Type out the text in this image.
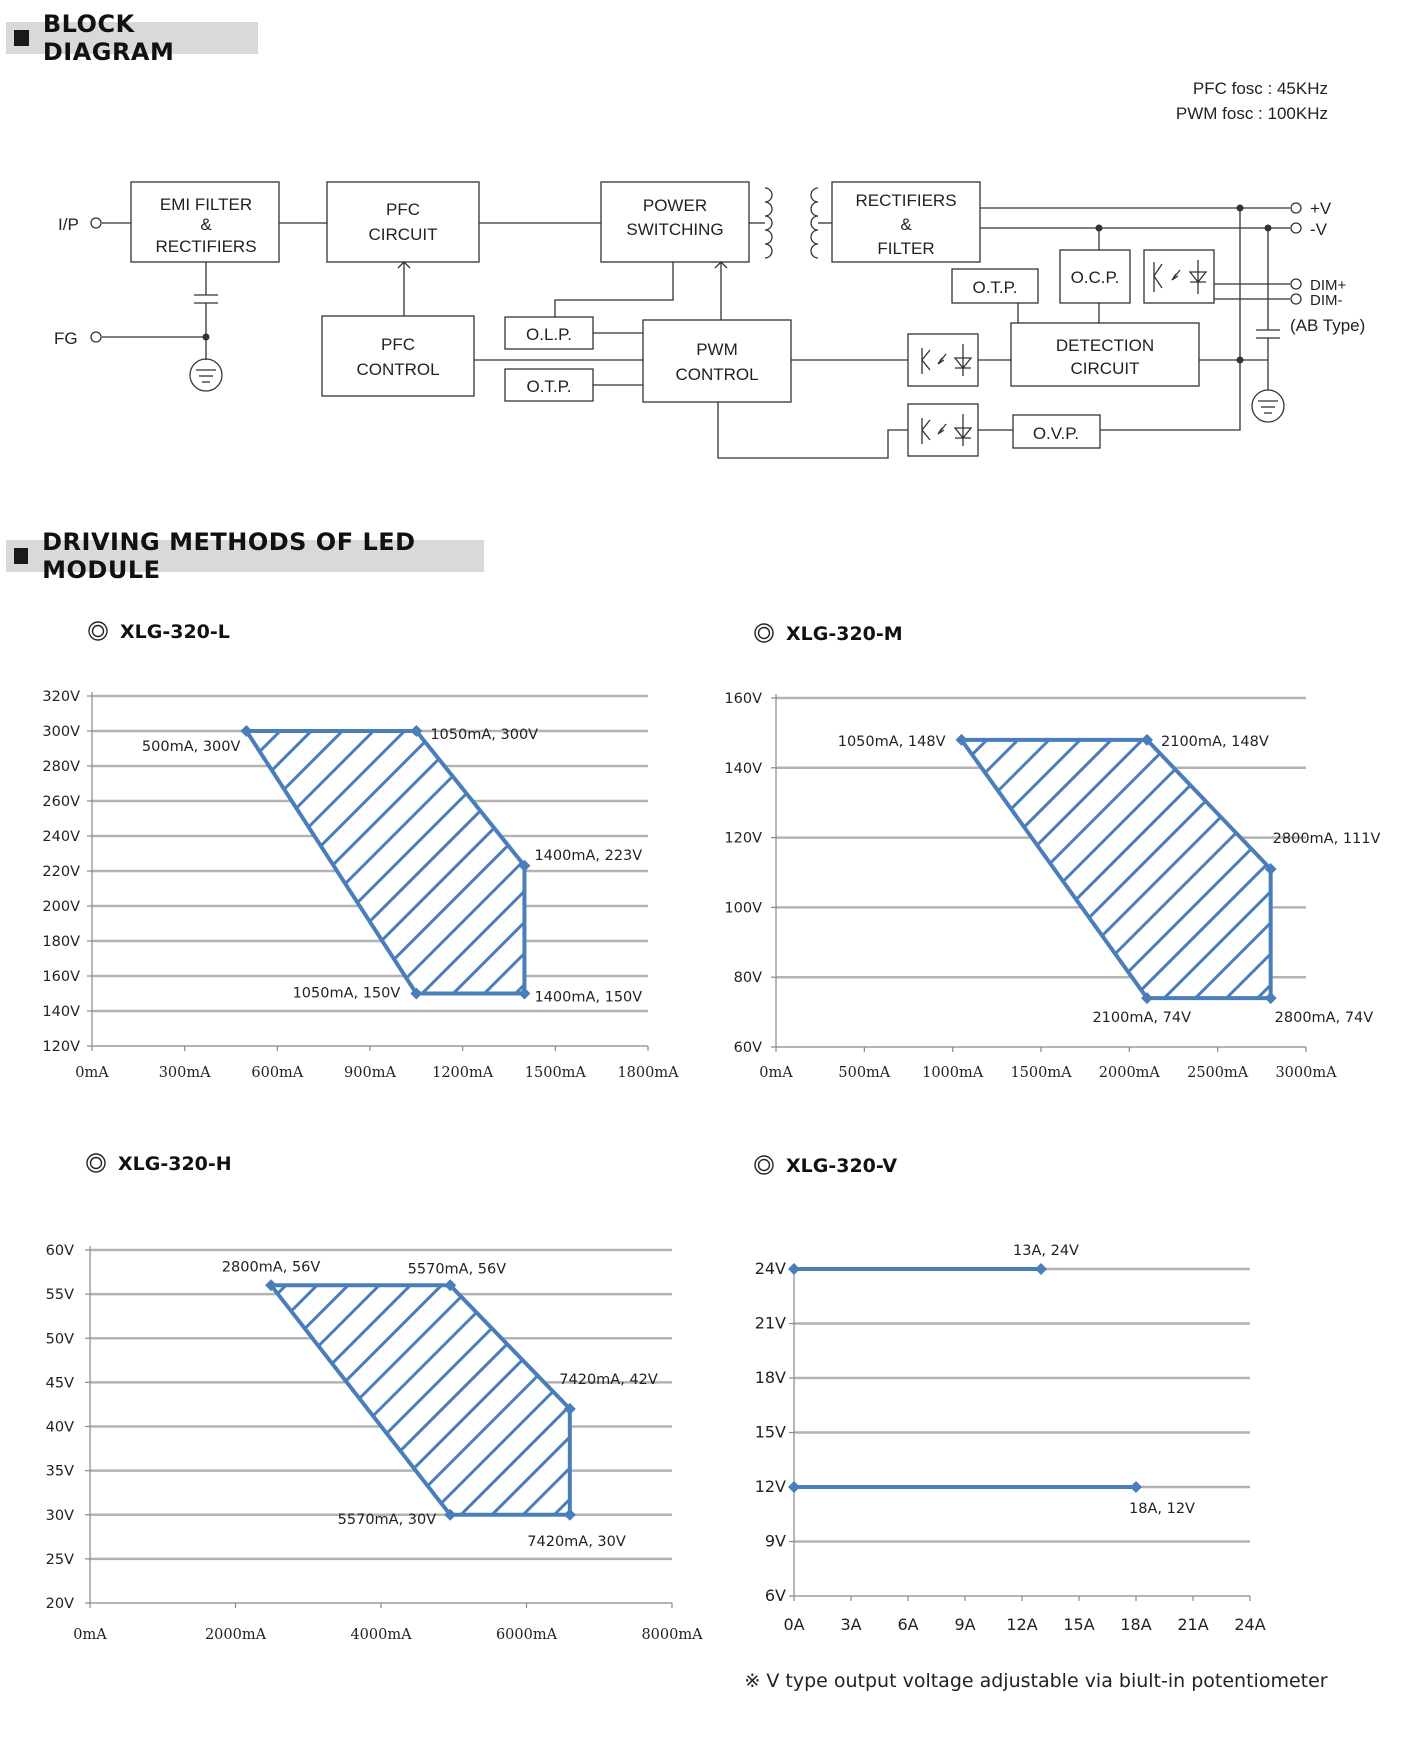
BLOCK DIAGRAM
DRIVING METHODS OF LED MODULE
PFC fosc : 45KHz
PWM fosc : 100KHz
EMI FILTER
&
RECTIFIERS
PFC
CIRCUIT
POWER
SWITCHING
RECTIFIERS
&
FILTER
PFC
CONTROL
O.L.P.
O.T.P.
PWM
CONTROL
O.T.P.
O.C.P.
DETECTION
CIRCUIT
O.V.P.
I/P
FG
+V
-V
DIM+
DIM-
(AB Type)
XLG-320-L
120V
140V
160V
180V
200V
220V
240V
260V
280V
300V
320V
0mA	300mA	600mA	900mA 1200mA 1500mA 1800mA
500mA, 300V
1050mA, 300V
1400mA, 223V
1400mA, 150V
1050mA, 150V
XLG-320-M
60V
80V
100V
120V
140V
160V
0mA	500mA 1000mA 1500mA 2000mA 2500mA 3000mA
1050mA, 148V	2100mA, 148V
2800mA, 111V
2800mA, 74V
2100mA, 74V
XLG-320-H
20V
25V
30V
35V
40V
45V
50V
55V
60V
0mA	2000mA	4000mA	6000mA	8000mA
2800mA, 56V	5570mA, 56V
7420mA, 42V
7420mA, 30V
5570mA, 30V
XLG-320-V
6V
9V
12V
15V
18V
21V
24V
0A 3A 6A 9A 12A 15A 18A 21A 24A
13A, 24V
18A, 12V
※ V type output voltage adjustable via biult-in potentiometer
